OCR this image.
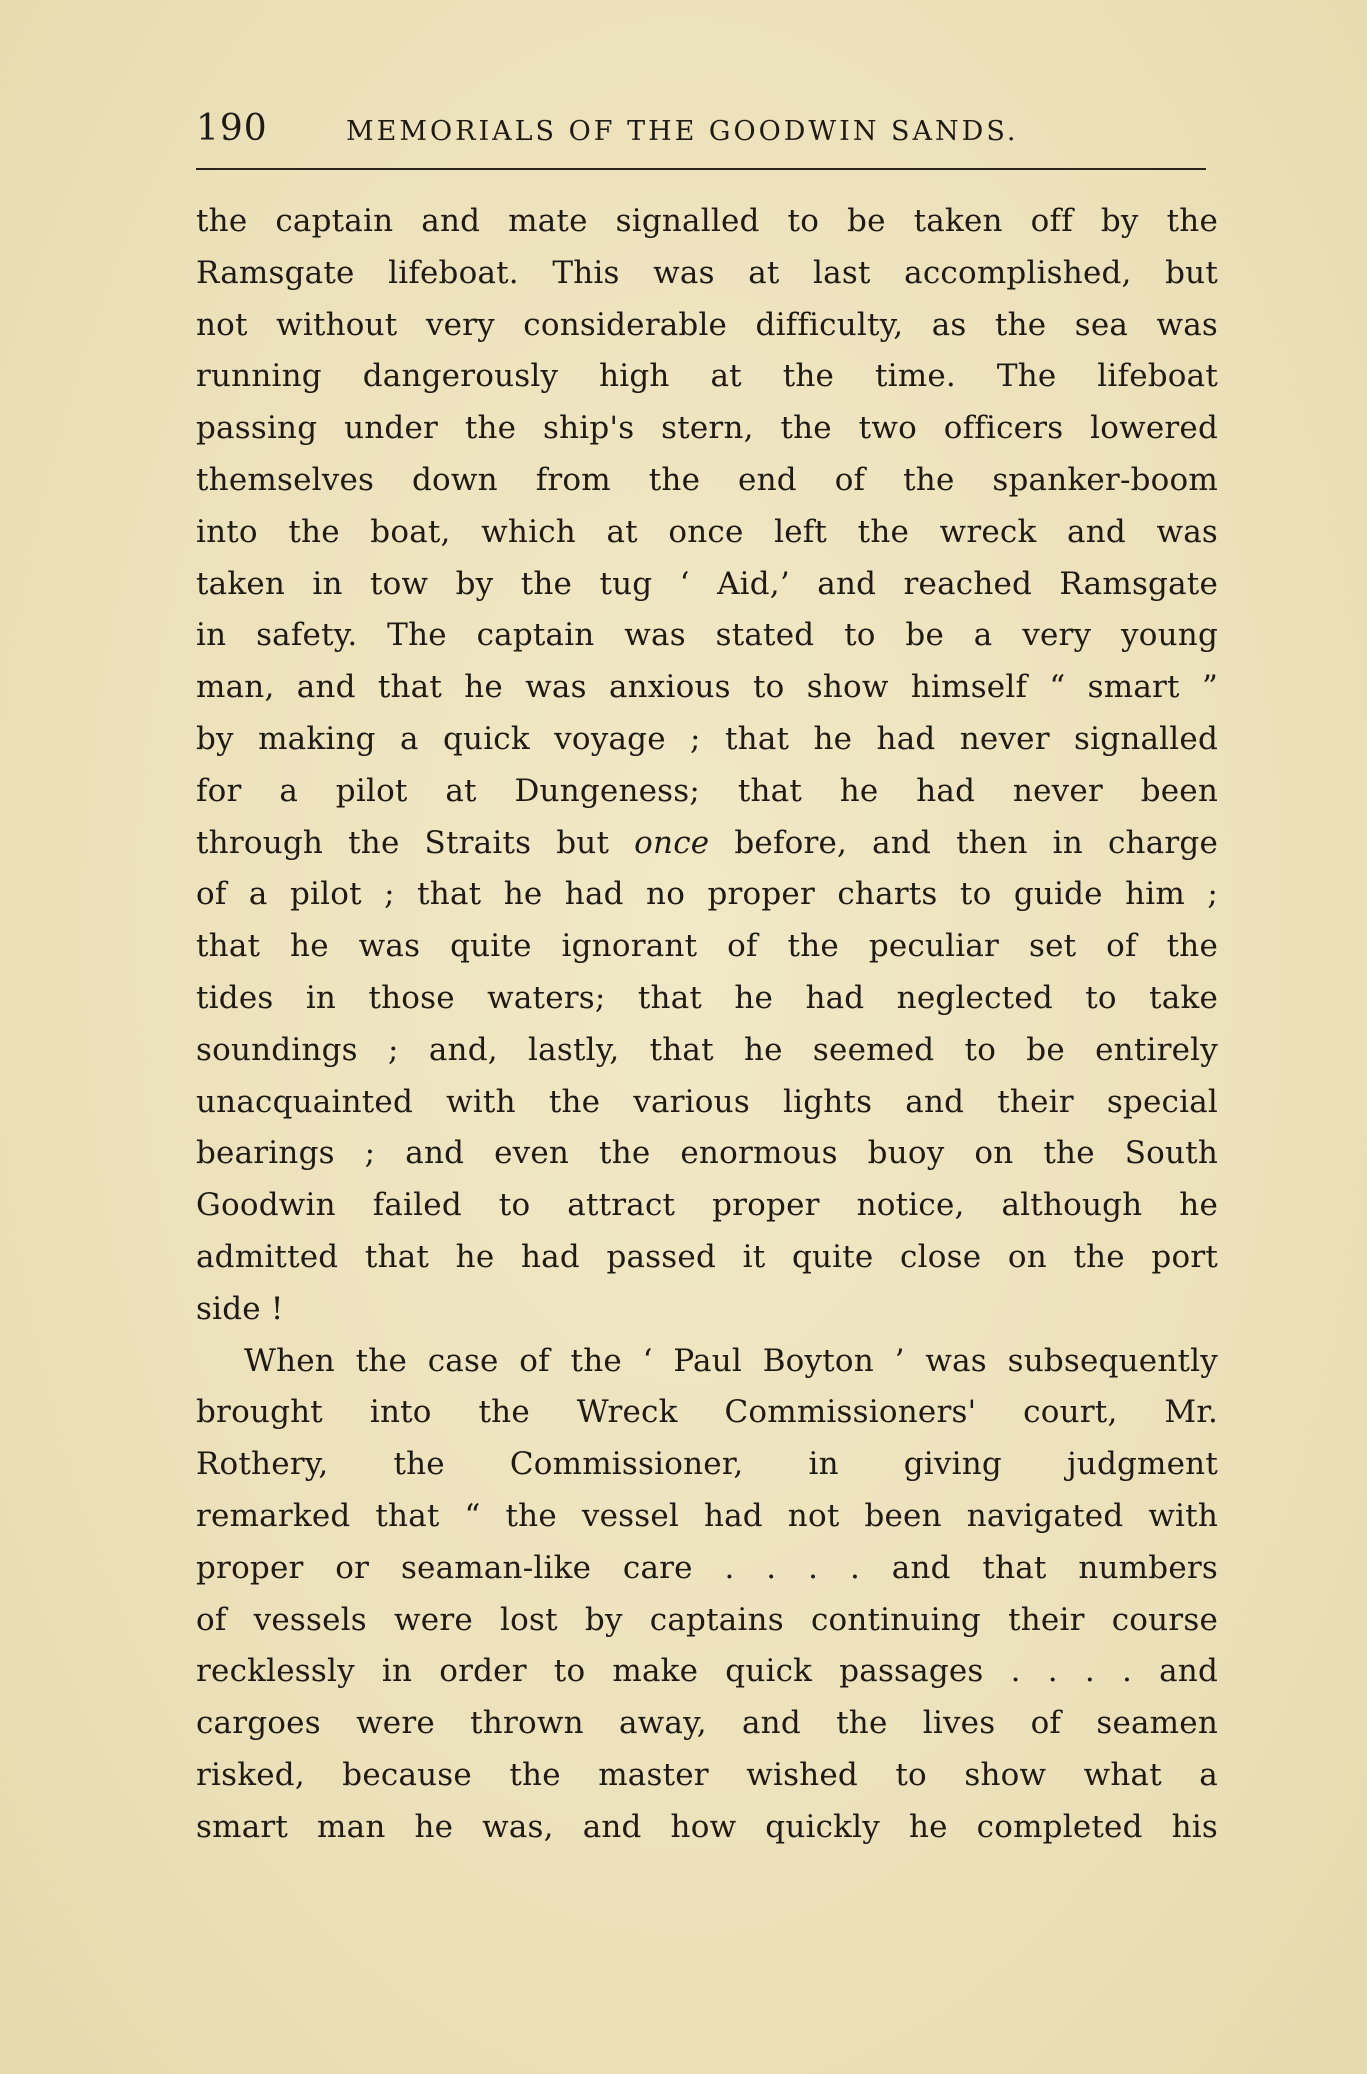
190	MEMORIALS OF THE GOODWIN SANDS.
the captain and mate signalled to be taken off by the
Ramsgate lifeboat. This was at last accomplished, but
not without very considerable difficulty, as the sea was
running dangerously high at the time. The lifeboat
passing under the ship's stern, the two officers lowered
themselves down from the end of the spanker-boom
into the boat, which at once left the wreck and was
taken in tow by the tug ‘ Aid,’ and reached Ramsgate
in safety. The captain was stated to be a very young
man, and that he was anxious to show himself “ smart ”
by making a quick voyage ; that he had never signalled
for a pilot at Dungeness; that he had never been
through the Straits but once before, and then in charge
of a pilot ; that he had no proper charts to guide him ;
that he was quite ignorant of the peculiar set of the
tides in those waters; that he had neglected to take
soundings ; and, lastly, that he seemed to be entirely
unacquainted with the various lights and their special
bearings ; and even the enormous buoy on the South
Goodwin failed to attract proper notice, although he
admitted that he had passed it quite close on the port
side !
When the case of the ‘ Paul Boyton ’ was subsequently
brought into the Wreck Commissioners' court, Mr.
Rothery, the Commissioner, in giving judgment
remarked that “ the vessel had not been navigated with
proper or seaman-like care . . . . and that numbers
of vessels were lost by captains continuing their course
recklessly in order to make quick passages . . . . and
cargoes were thrown away, and the lives of seamen
risked, because the master wished to show what a
smart man he was, and how quickly he completed his
